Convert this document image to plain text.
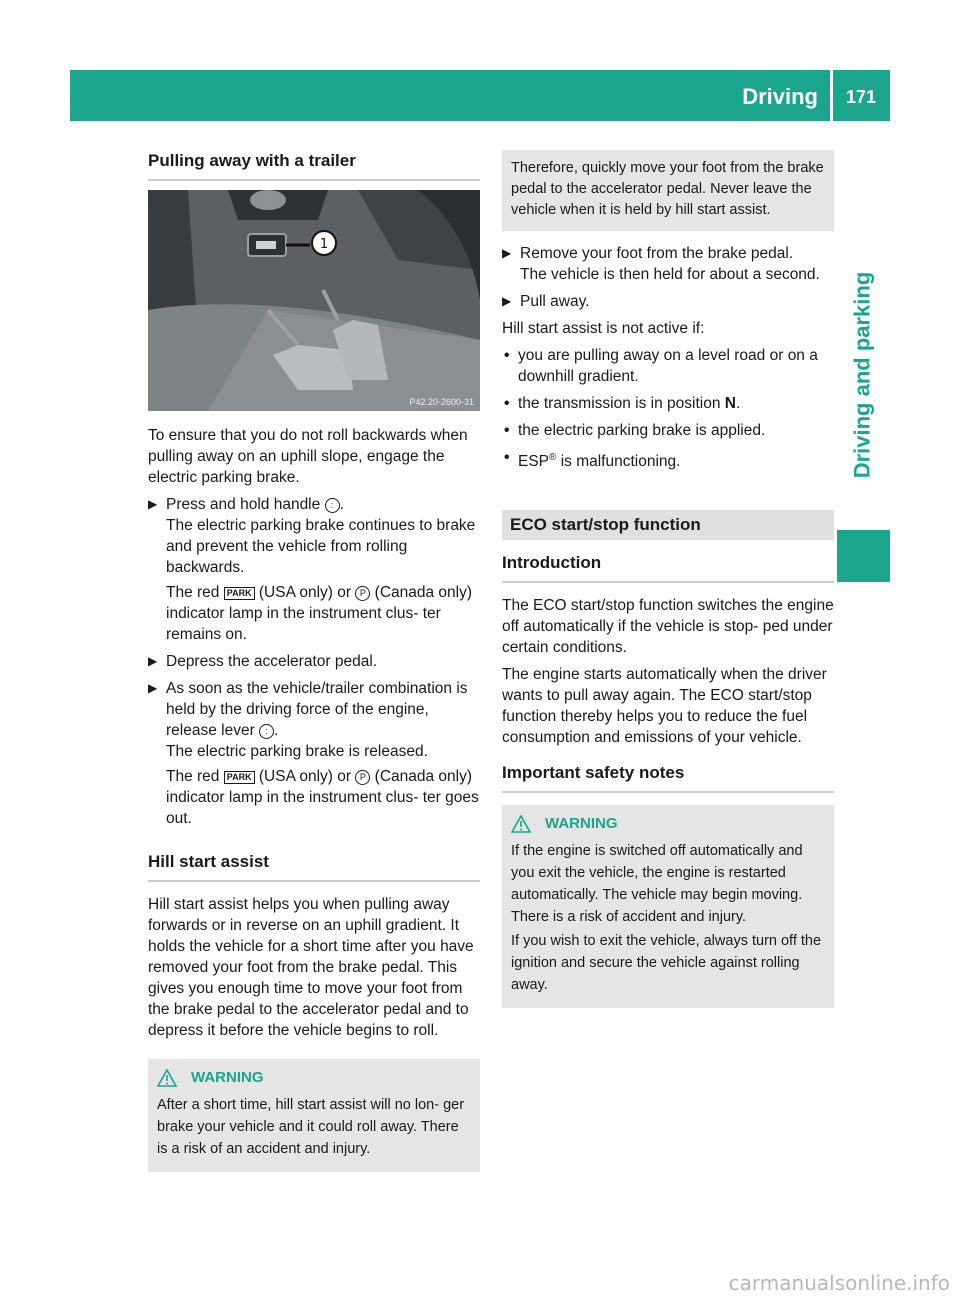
Driving 171
Driving and parking
Pulling away with a trailer
1
P42.20-2600-31

To ensure that you do not roll backwards when pulling away on an uphill slope, engage the electric parking brake.

▶ Press and hold handle : .
The electric parking brake continues to brake and prevent the vehicle from rolling backwards.
The red PARK (USA only) or P (Canada only) indicator lamp in the instrument clus- ter remains on.
▶ Depress the accelerator pedal.
▶ As soon as the vehicle/trailer combination is held by the driving force of the engine, release lever : .
The electric parking brake is released.
The red PARK (USA only) or P (Canada only) indicator lamp in the instrument clus- ter goes out.
Hill start assist

Hill start assist helps you when pulling away forwards or in reverse on an uphill gradient. It holds the vehicle for a short time after you have removed your foot from the brake pedal. This gives you enough time to move your foot from the brake pedal to the accelerator pedal and to depress it before the vehicle begins to roll.

WARNING

After a short time, hill start assist will no lon- ger brake your vehicle and it could roll away. There is a risk of an accident and injury.

Therefore, quickly move your foot from the brake pedal to the accelerator pedal. Never leave the vehicle when it is held by hill start assist.

▶ Remove your foot from the brake pedal.
The vehicle is then held for about a second.
▶ Pull away.

Hill start assist is not active if:

• you are pulling away on a level road or on a downhill gradient.
• the transmission is in position N.
• the electric parking brake is applied.
• ESP® is malfunctioning.
ECO start/stop function
Introduction

The ECO start/stop function switches the engine off automatically if the vehicle is stop- ped under certain conditions.

The engine starts automatically when the driver wants to pull away again. The ECO start/stop function thereby helps you to reduce the fuel consumption and emissions of your vehicle.

Important safety notes
WARNING

If the engine is switched off automatically and you exit the vehicle, the engine is restarted automatically. The vehicle may begin moving. There is a risk of accident and injury.

If you wish to exit the vehicle, always turn off the ignition and secure the vehicle against rolling away.

carmanualsonline.info
